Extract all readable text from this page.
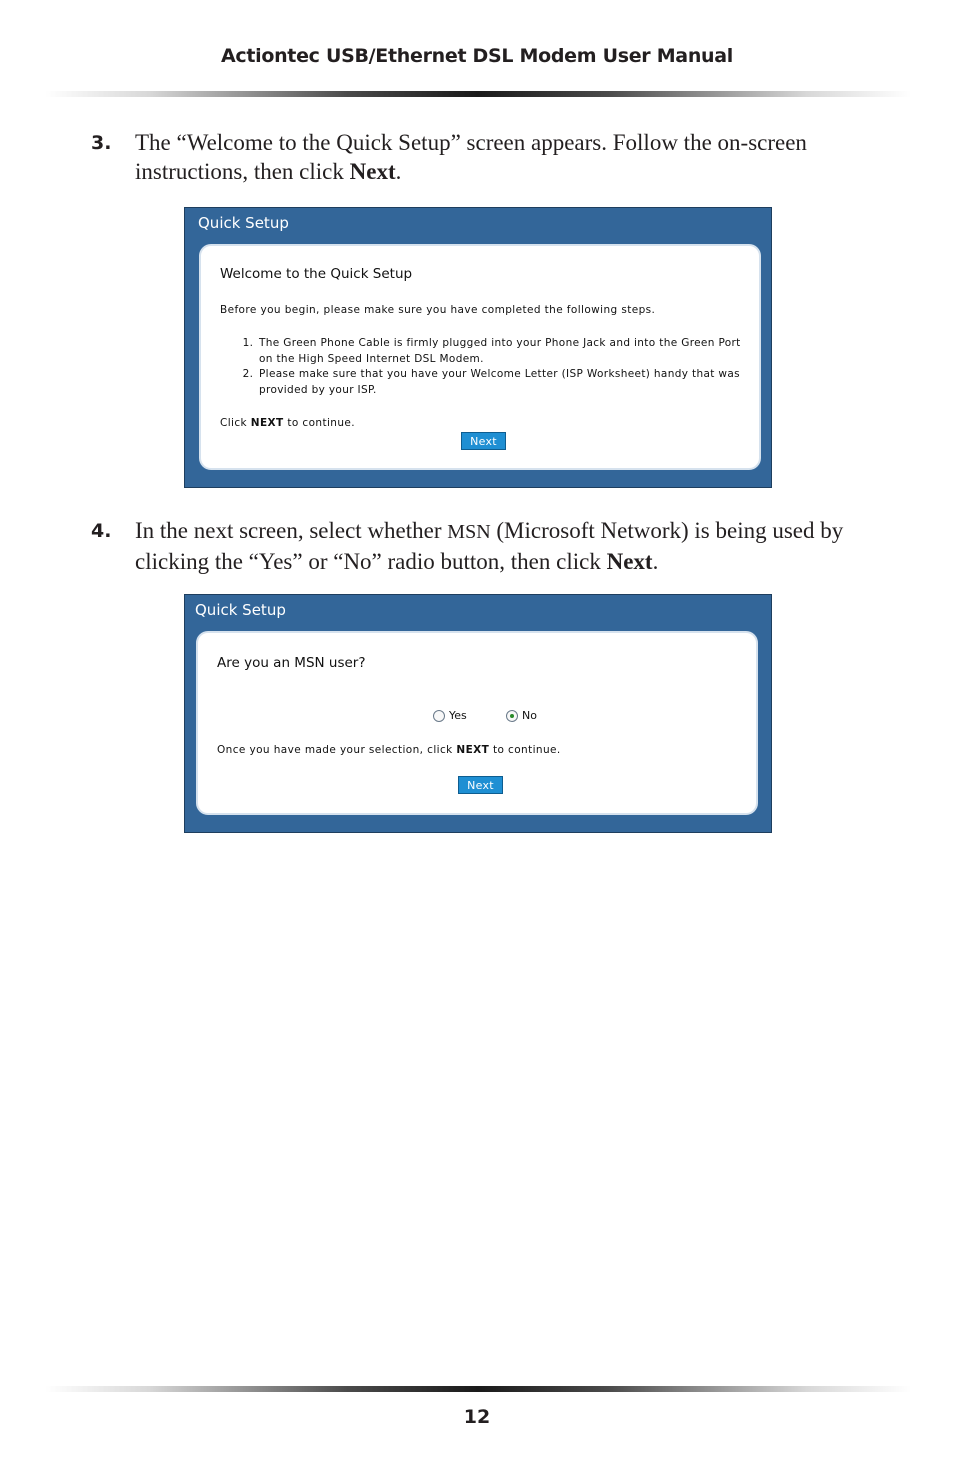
Actiontec USB/Ethernet DSL Modem User Manual
3. The “Welcome to the Quick Setup” screen appears. Follow the on-screen instructions, then click Next.
Quick Setup
Welcome to the Quick Setup
Before you begin, please make sure you have completed the following steps.
1. The Green Phone Cable is firmly plugged into your Phone Jack and into the Green Port on the High Speed Internet DSL Modem.
2. Please make sure that you have your Welcome Letter (ISP Worksheet) handy that was provided by your ISP.
Click NEXT to continue.
Next
4. In the next screen, select whether MSN (Microsoft Network) is being used by clicking the “Yes” or “No” radio button, then click Next.
Quick Setup
Are you an MSN user?
Yes	No
Once you have made your selection, click NEXT to continue.
Next
12
